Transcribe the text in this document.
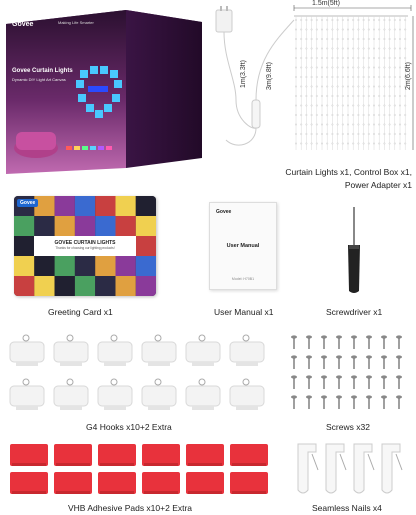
Govee	Making Life Smarter
Govee Curtain Lights
Dynamic DIY Light Art Canvas
1.5m(5ft)
2m(6.6ft)
1m(3.3ft)	3m(9.8ft)
Curtain Lights x1, Control Box x1,
Power Adapter x1
Govee
GOVEE CURTAIN LIGHTS
Thanks for choosing our lighting products!
Greeting Card x1
Govee
User Manual
Model: H70B1
User Manual x1	Screwdriver x1
G4 Hooks x10+2 Extra	Screws x32
VHB Adhesive Pads x10+2 Extra	Seamless Nails x4
